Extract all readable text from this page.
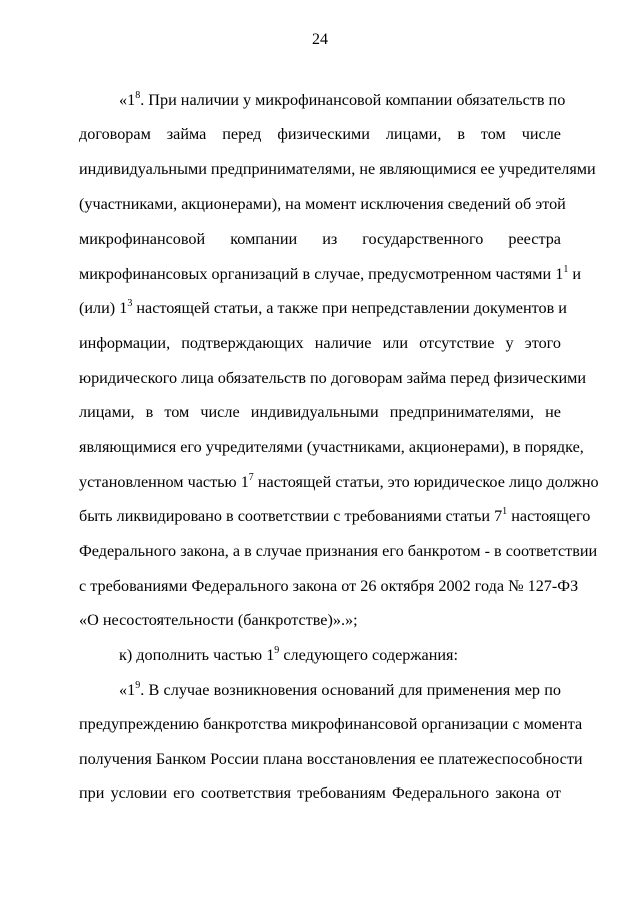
24
«$1^8$. При наличии у микрофинансовой компании обязательств по
договорам займа перед физическими лицами, в том числе
индивидуальными предпринимателями, не являющимися ее учредителями
(участниками, акционерами), на момент исключения сведений об этой
микрофинансовой компании из государственного реестра
микрофинансовых организаций в случае, предусмотренном частями $1^1$ и
(или) $1^3$ настоящей статьи, а также при непредставлении документов и
информации, подтверждающих наличие или отсутствие у этого
юридического лица обязательств по договорам займа перед физическими
лицами, в том числе индивидуальными предпринимателями, не
являющимися его учредителями (участниками, акционерами), в порядке,
установленном частью $1^7$ настоящей статьи, это юридическое лицо должно
быть ликвидировано в соответствии с требованиями статьи $7^1$ настоящего
Федерального закона, а в случае признания его банкротом - в соответствии
с требованиями Федерального закона от 26 октября 2002 года № 127-ФЗ
«О несостоятельности (банкротстве)».»;
к) дополнить частью $1^9$ следующего содержания:
«$1^9$. В случае возникновения оснований для применения мер по
предупреждению банкротства микрофинансовой организации с момента
получения Банком России плана восстановления ее платежеспособности
при условии его соответствия требованиям Федерального закона от
